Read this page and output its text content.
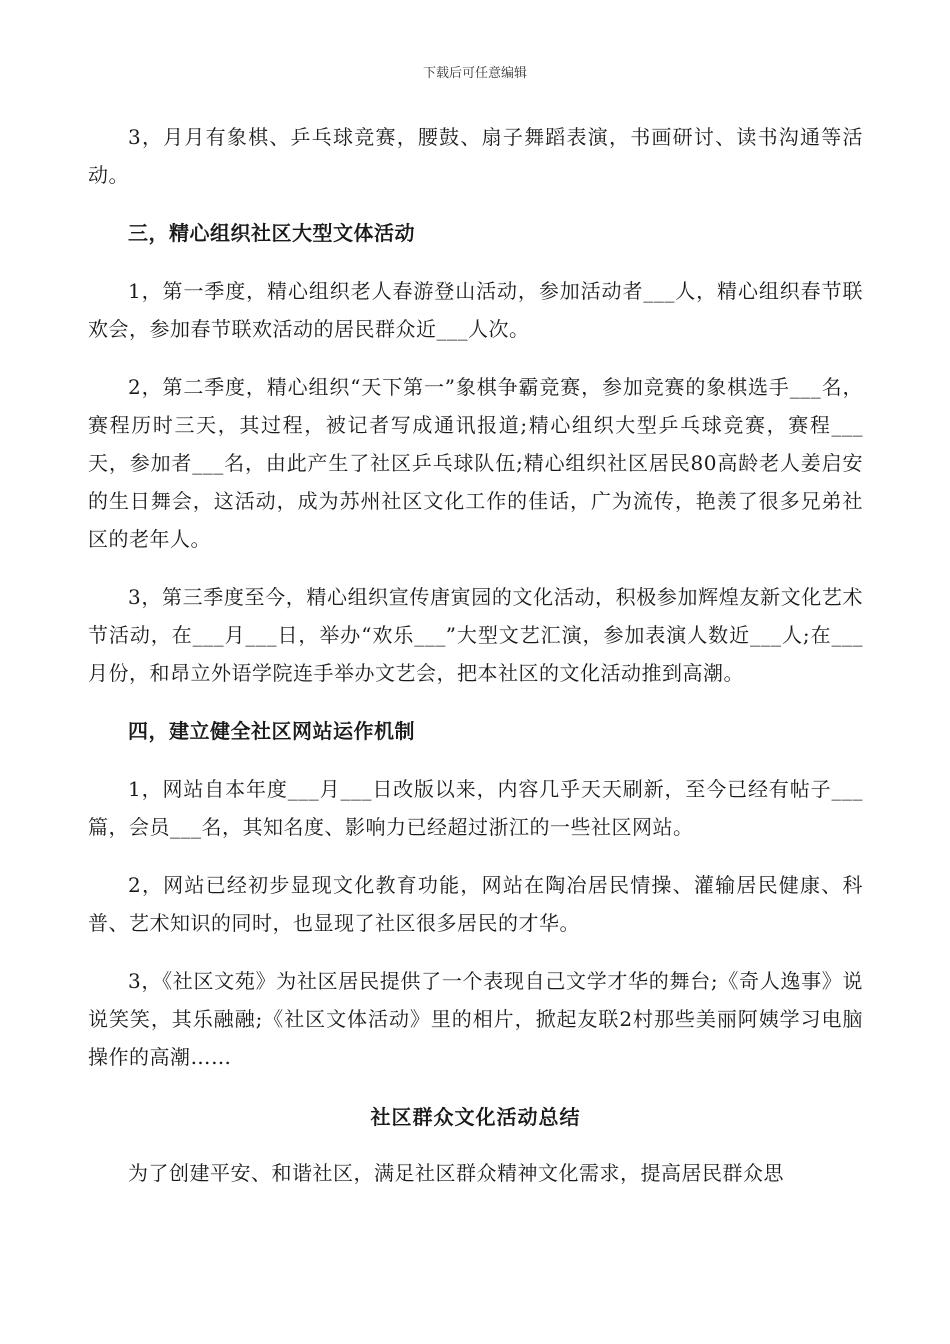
下载后可任意编辑

3，月月有象棋、乒乓球竞赛，腰鼓、扇子舞蹈表演，书画研讨、读书沟通等活动。

三，精心组织社区大型文体活动

1，第一季度，精心组织老人春游登山活动，参加活动者___人，精心组织春节联欢会，参加春节联欢活动的居民群众近___人次。

2，第二季度，精心组织“天下第一”象棋争霸竞赛，参加竞赛的象棋选手___名，赛程历时三天，其过程，被记者写成通讯报道;精心组织大型乒乓球竞赛，赛程___天，参加者___名，由此产生了社区乒乓球队伍;精心组织社区居民80高龄老人姜启安的生日舞会，这活动，成为苏州社区文化工作的佳话，广为流传，艳羡了很多兄弟社区的老年人。

3，第三季度至今，精心组织宣传唐寅园的文化活动，积极参加辉煌友新文化艺术节活动，在___月___日，举办“欢乐___”大型文艺汇演，参加表演人数近___人;在___月份，和昂立外语学院连手举办文艺会，把本社区的文化活动推到高潮。

四，建立健全社区网站运作机制

1，网站自本年度___月___日改版以来，内容几乎天天刷新，至今已经有帖子___篇，会员___名，其知名度、影响力已经超过浙江的一些社区网站。

2，网站已经初步显现文化教育功能，网站在陶冶居民情操、灌输居民健康、科普、艺术知识的同时，也显现了社区很多居民的才华。

3，《社区文苑》为社区居民提供了一个表现自己文学才华的舞台;《奇人逸事》说说笑笑，其乐融融;《社区文体活动》里的相片，掀起友联2村那些美丽阿姨学习电脑操作的高潮……

社区群众文化活动总结

为了创建平安、和谐社区，满足社区群众精神文化需求，提高居民群众思
